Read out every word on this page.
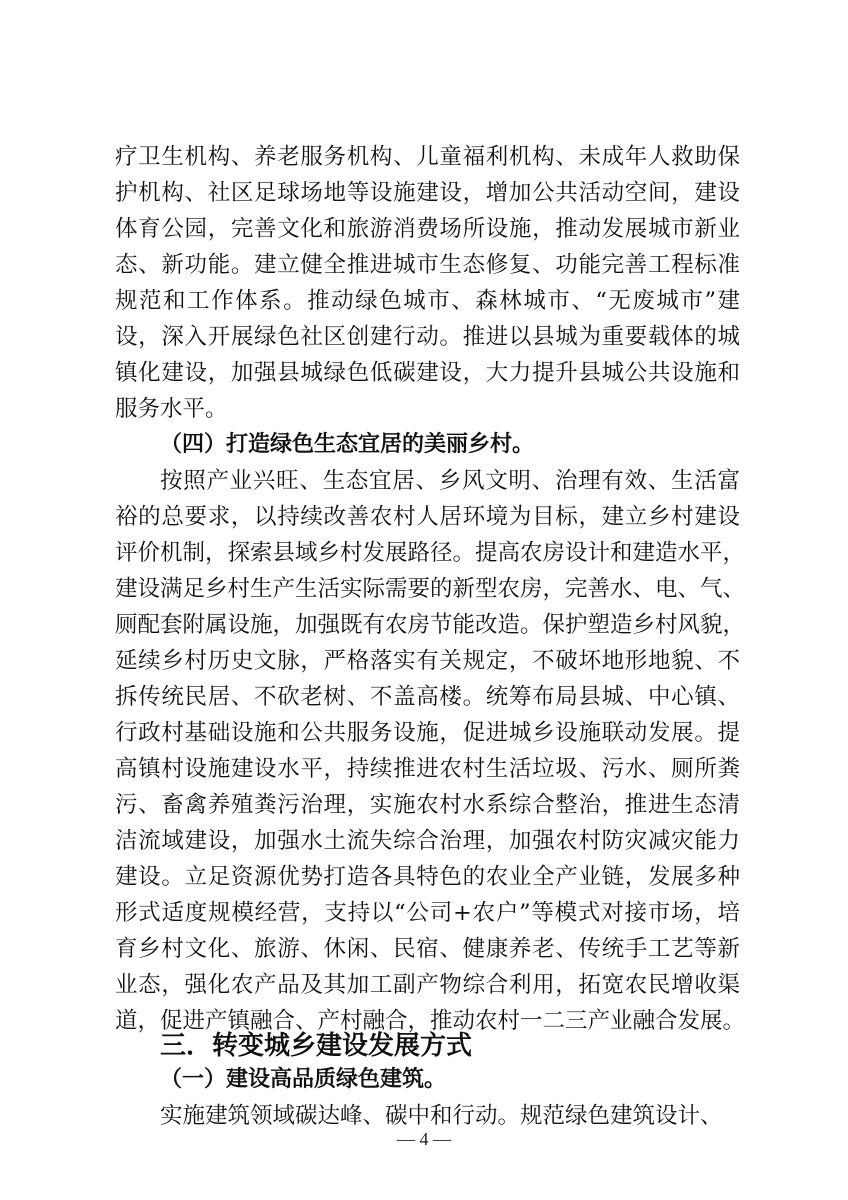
疗卫生机构、养老服务机构、儿童福利机构、未成年人救助保
护机构、社区足球场地等设施建设，增加公共活动空间，建设
体育公园，完善文化和旅游消费场所设施，推动发展城市新业
态、新功能。建立健全推进城市生态修复、功能完善工程标准
规范和工作体系。推动绿色城市、森林城市、“无废城市”建
设，深入开展绿色社区创建行动。推进以县城为重要载体的城
镇化建设，加强县城绿色低碳建设，大力提升县城公共设施和
服务水平。
（四）打造绿色生态宜居的美丽乡村。
按照产业兴旺、生态宜居、乡风文明、治理有效、生活富
裕的总要求，以持续改善农村人居环境为目标，建立乡村建设
评价机制，探索县域乡村发展路径。提高农房设计和建造水平，
建设满足乡村生产生活实际需要的新型农房，完善水、电、气、
厕配套附属设施，加强既有农房节能改造。保护塑造乡村风貌，
延续乡村历史文脉，严格落实有关规定，不破坏地形地貌、不
拆传统民居、不砍老树、不盖高楼。统筹布局县城、中心镇、
行政村基础设施和公共服务设施，促进城乡设施联动发展。提
高镇村设施建设水平，持续推进农村生活垃圾、污水、厕所粪
污、畜禽养殖粪污治理，实施农村水系综合整治，推进生态清
洁流域建设，加强水土流失综合治理，加强农村防灾减灾能力
建设。立足资源优势打造各具特色的农业全产业链，发展多种
形式适度规模经营，支持以“公司+农户”等模式对接市场，培
育乡村文化、旅游、休闲、民宿、健康养老、传统手工艺等新
业态，强化农产品及其加工副产物综合利用，拓宽农民增收渠
道，促进产镇融合、产村融合，推动农村一二三产业融合发展。
三．转变城乡建设发展方式
（一）建设高品质绿色建筑。
实施建筑领域碳达峰、碳中和行动。规范绿色建筑设计、
— 4 —
